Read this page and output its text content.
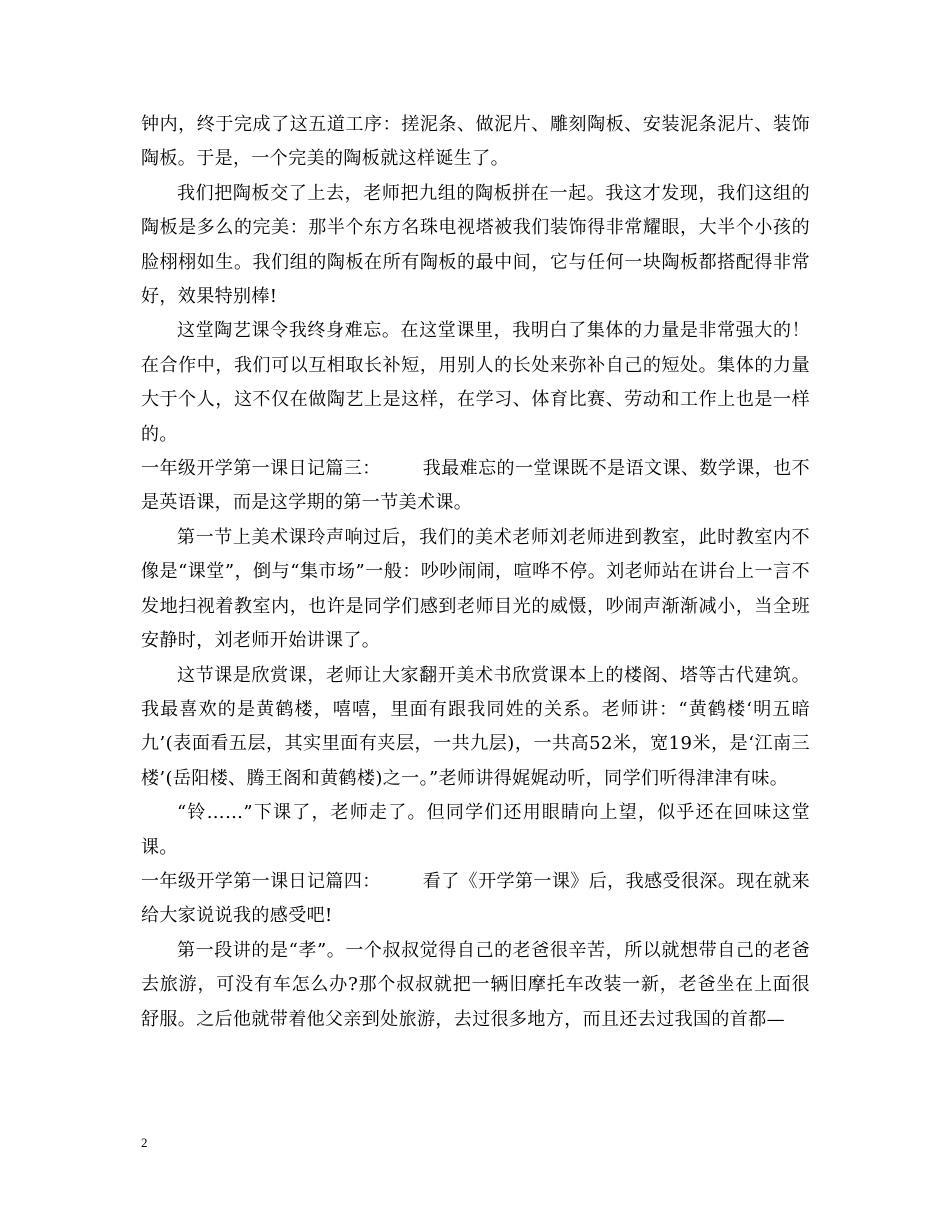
钟内，终于完成了这五道工序：搓泥条、做泥片、雕刻陶板、安装泥条泥片、装饰陶板。于是，一个完美的陶板就这样诞生了。

我们把陶板交了上去，老师把九组的陶板拼在一起。我这才发现，我们这组的陶板是多么的完美：那半个东方名珠电视塔被我们装饰得非常耀眼，大半个小孩的脸栩栩如生。我们组的陶板在所有陶板的最中间，它与任何一块陶板都搭配得非常好，效果特别棒!

这堂陶艺课令我终身难忘。在这堂课里，我明白了集体的力量是非常强大的！在合作中，我们可以互相取长补短，用别人的长处来弥补自己的短处。集体的力量大于个人，这不仅在做陶艺上是这样，在学习、体育比赛、劳动和工作上也是一样的。

一年级开学第一课日记篇三： 我最难忘的一堂课既不是语文课、数学课，也不是英语课，而是这学期的第一节美术课。

第一节上美术课玲声响过后，我们的美术老师刘老师进到教室，此时教室内不像是“课堂”，倒与“集市场”一般：吵吵闹闹，喧哗不停。刘老师站在讲台上一言不发地扫视着教室内，也许是同学们感到老师目光的威慑，吵闹声渐渐减小，当全班安静时，刘老师开始讲课了。

这节课是欣赏课，老师让大家翻开美术书欣赏课本上的楼阁、塔等古代建筑。我最喜欢的是黄鹤楼，嘻嘻，里面有跟我同姓的关系。老师讲：“黄鹤楼‘明五暗九’(表面看五层，其实里面有夹层，一共九层)，一共高52米，宽19米，是‘江南三楼’(岳阳楼、腾王阁和黄鹤楼)之一。”老师讲得娓娓动听，同学们听得津津有味。

“铃……”下课了，老师走了。但同学们还用眼睛向上望，似乎还在回味这堂课。

一年级开学第一课日记篇四： 看了《开学第一课》后，我感受很深。现在就来给大家说说我的感受吧!

第一段讲的是“孝”。一个叔叔觉得自己的老爸很辛苦，所以就想带自己的老爸去旅游，可没有车怎么办?那个叔叔就把一辆旧摩托车改装一新，老爸坐在上面很舒服。之后他就带着他父亲到处旅游，去过很多地方，而且还去过我国的首都—

2
